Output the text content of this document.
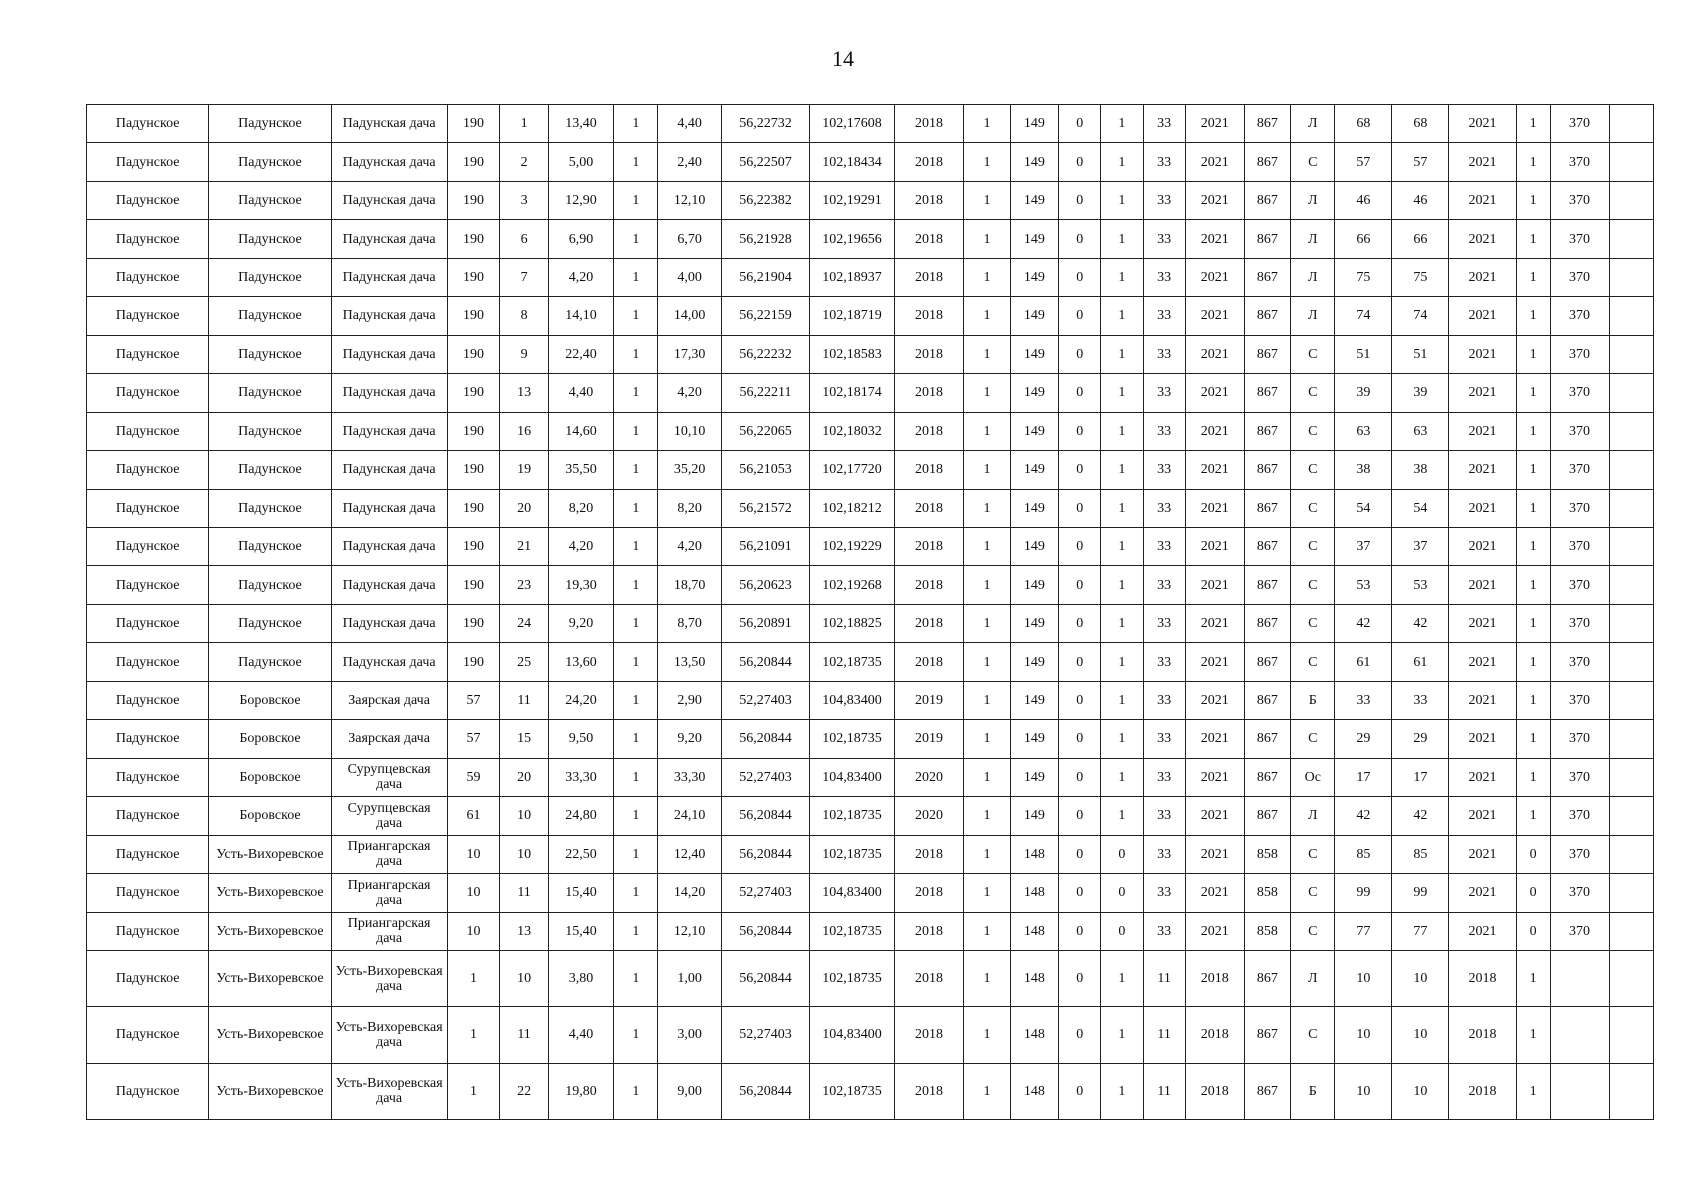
14
Падунское	Падунское	Падунская дача	190	1	13,40	1	4,40	56,22732	102,17608	2018	1	149	0	1	33	2021	867	Л	68	68	2021	1	370	
Падунское	Падунское	Падунская дача	190	2	5,00	1	2,40	56,22507	102,18434	2018	1	149	0	1	33	2021	867	С	57	57	2021	1	370	
Падунское	Падунское	Падунская дача	190	3	12,90	1	12,10	56,22382	102,19291	2018	1	149	0	1	33	2021	867	Л	46	46	2021	1	370	
Падунское	Падунское	Падунская дача	190	6	6,90	1	6,70	56,21928	102,19656	2018	1	149	0	1	33	2021	867	Л	66	66	2021	1	370	
Падунское	Падунское	Падунская дача	190	7	4,20	1	4,00	56,21904	102,18937	2018	1	149	0	1	33	2021	867	Л	75	75	2021	1	370	
Падунское	Падунское	Падунская дача	190	8	14,10	1	14,00	56,22159	102,18719	2018	1	149	0	1	33	2021	867	Л	74	74	2021	1	370	
Падунское	Падунское	Падунская дача	190	9	22,40	1	17,30	56,22232	102,18583	2018	1	149	0	1	33	2021	867	С	51	51	2021	1	370	
Падунское	Падунское	Падунская дача	190	13	4,40	1	4,20	56,22211	102,18174	2018	1	149	0	1	33	2021	867	С	39	39	2021	1	370	
Падунское	Падунское	Падунская дача	190	16	14,60	1	10,10	56,22065	102,18032	2018	1	149	0	1	33	2021	867	С	63	63	2021	1	370	
Падунское	Падунское	Падунская дача	190	19	35,50	1	35,20	56,21053	102,17720	2018	1	149	0	1	33	2021	867	С	38	38	2021	1	370	
Падунское	Падунское	Падунская дача	190	20	8,20	1	8,20	56,21572	102,18212	2018	1	149	0	1	33	2021	867	С	54	54	2021	1	370	
Падунское	Падунское	Падунская дача	190	21	4,20	1	4,20	56,21091	102,19229	2018	1	149	0	1	33	2021	867	С	37	37	2021	1	370	
Падунское	Падунское	Падунская дача	190	23	19,30	1	18,70	56,20623	102,19268	2018	1	149	0	1	33	2021	867	С	53	53	2021	1	370	
Падунское	Падунское	Падунская дача	190	24	9,20	1	8,70	56,20891	102,18825	2018	1	149	0	1	33	2021	867	С	42	42	2021	1	370	
Падунское	Падунское	Падунская дача	190	25	13,60	1	13,50	56,20844	102,18735	2018	1	149	0	1	33	2021	867	С	61	61	2021	1	370	
Падунское	Боровское	Заярская дача	57	11	24,20	1	2,90	52,27403	104,83400	2019	1	149	0	1	33	2021	867	Б	33	33	2021	1	370	
Падунское	Боровское	Заярская дача	57	15	9,50	1	9,20	56,20844	102,18735	2019	1	149	0	1	33	2021	867	С	29	29	2021	1	370	
Падунское	Боровское	Сурупцевская дача	59	20	33,30	1	33,30	52,27403	104,83400	2020	1	149	0	1	33	2021	867	Ос	17	17	2021	1	370	
Падунское	Боровское	Сурупцевская дача	61	10	24,80	1	24,10	56,20844	102,18735	2020	1	149	0	1	33	2021	867	Л	42	42	2021	1	370	
Падунское	Усть-Вихоревское	Приангарская дача	10	10	22,50	1	12,40	56,20844	102,18735	2018	1	148	0	0	33	2021	858	С	85	85	2021	0	370	
Падунское	Усть-Вихоревское	Приангарская дача	10	11	15,40	1	14,20	52,27403	104,83400	2018	1	148	0	0	33	2021	858	С	99	99	2021	0	370	
Падунское	Усть-Вихоревское	Приангарская дача	10	13	15,40	1	12,10	56,20844	102,18735	2018	1	148	0	0	33	2021	858	С	77	77	2021	0	370	
Падунское	Усть-Вихоревское	Усть-Вихоревская дача	1	10	3,80	1	1,00	56,20844	102,18735	2018	1	148	0	1	11	2018	867	Л	10	10	2018	1		
Падунское	Усть-Вихоревское	Усть-Вихоревская дача	1	11	4,40	1	3,00	52,27403	104,83400	2018	1	148	0	1	11	2018	867	С	10	10	2018	1		
Падунское	Усть-Вихоревское	Усть-Вихоревская дача	1	22	19,80	1	9,00	56,20844	102,18735	2018	1	148	0	1	11	2018	867	Б	10	10	2018	1		
